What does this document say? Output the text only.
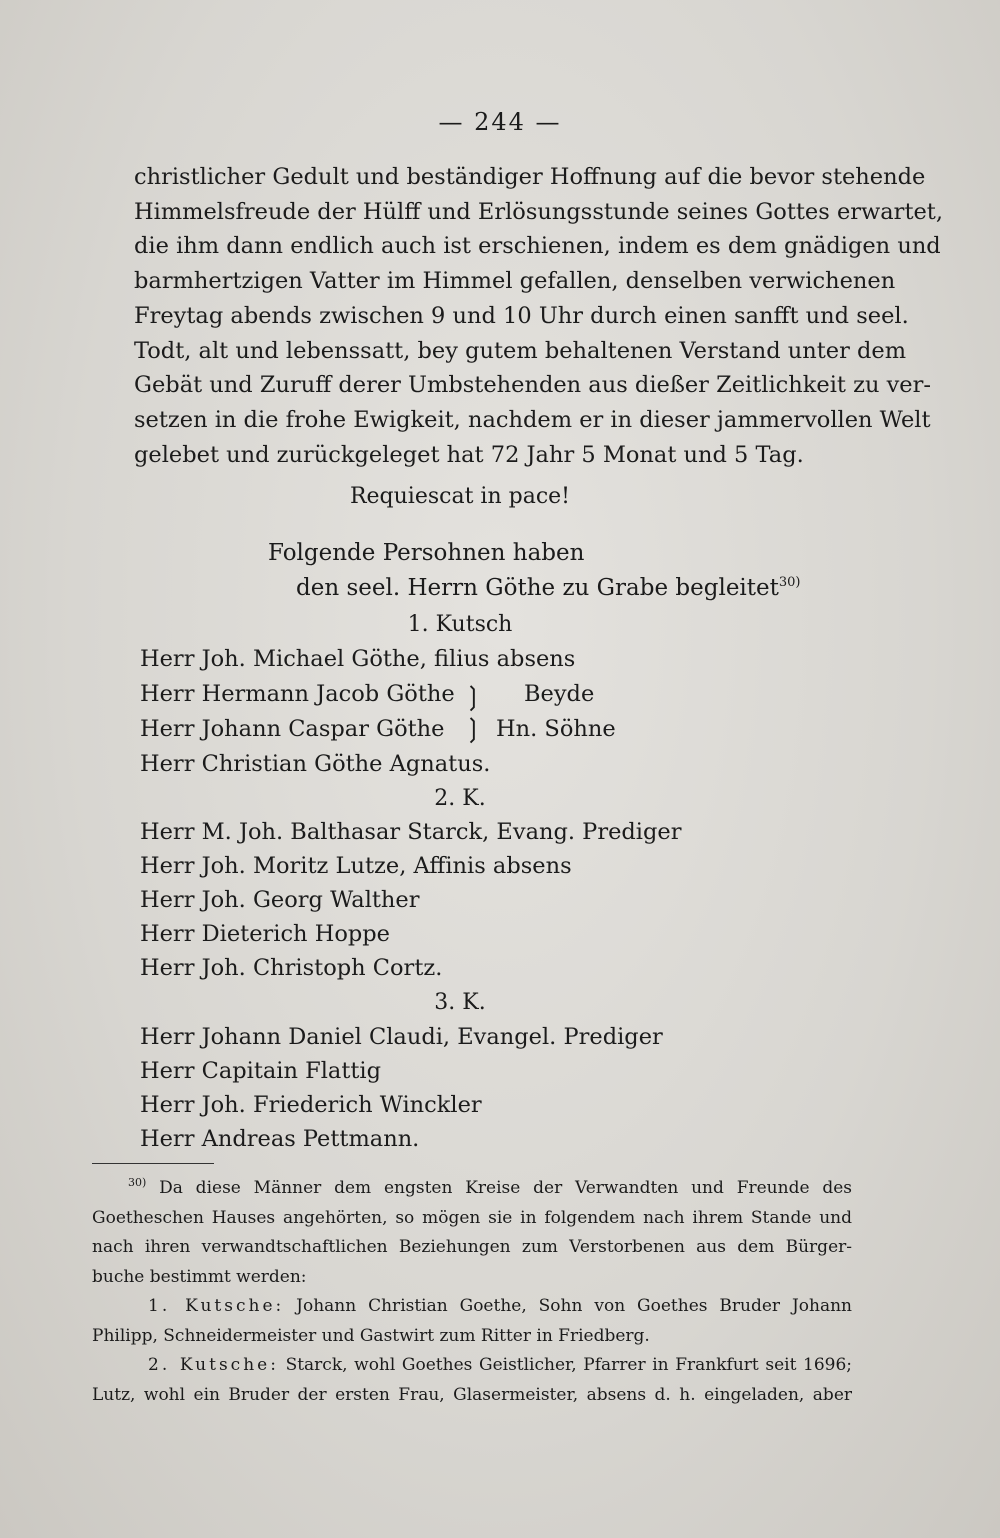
— 244 —
christlicher Gedult und beständiger Hoffnung auf die bevor stehende
Himmelsfreude der Hülff und Erlösungsstunde seines Gottes erwartet,
die ihm dann endlich auch ist erschienen, indem es dem gnädigen und
barmhertzigen Vatter im Himmel gefallen, denselben verwichenen
Freytag abends zwischen 9 und 10 Uhr durch einen sanfft und seel.
Todt, alt und lebenssatt, bey gutem behaltenen Verstand unter dem
Gebät und Zuruff derer Umbstehenden aus dießer Zeitlichkeit zu ver-
setzen in die frohe Ewigkeit, nachdem er in dieser jammervollen Welt
gelebet und zurückgeleget hat 72 Jahr 5 Monat und 5 Tag.
Requiescat in pace!
Folgende Persohnen haben
den seel. Herrn Göthe zu Grabe begleitet$^{30)}$
1. Kutsch
Herr Joh. Michael Göthe, filius absens
Herr Hermann Jacob Göthe
Herr Johann Caspar Göthe
Herr Christian Göthe Agnatus.
❳
❳
Beyde
Hn. Söhne
2. K.
Herr M. Joh. Balthasar Starck, Evang. Prediger
Herr Joh. Moritz Lutze, Affinis absens
Herr Joh. Georg Walther
Herr Dieterich Hoppe
Herr Joh. Christoph Cortz.
3. K.
Herr Johann Daniel Claudi, Evangel. Prediger
Herr Capitain Flattig
Herr Joh. Friederich Winckler
Herr Andreas Pettmann.
$^{30)}$ Da diese Männer dem engsten Kreise der Verwandten und Freunde des
Goetheschen Hauses angehörten, so mögen sie in folgendem nach ihrem Stande und
nach ihren verwandtschaftlichen Beziehungen zum Verstorbenen aus dem Bürger-
buche bestimmt werden:
1. Kutsche: Johann Christian Goethe, Sohn von Goethes Bruder Johann
Philipp, Schneidermeister und Gastwirt zum Ritter in Friedberg.
2. Kutsche: Starck, wohl Goethes Geistlicher, Pfarrer in Frankfurt seit 1696;
Lutz, wohl ein Bruder der ersten Frau, Glasermeister, absens d. h. eingeladen, aber
